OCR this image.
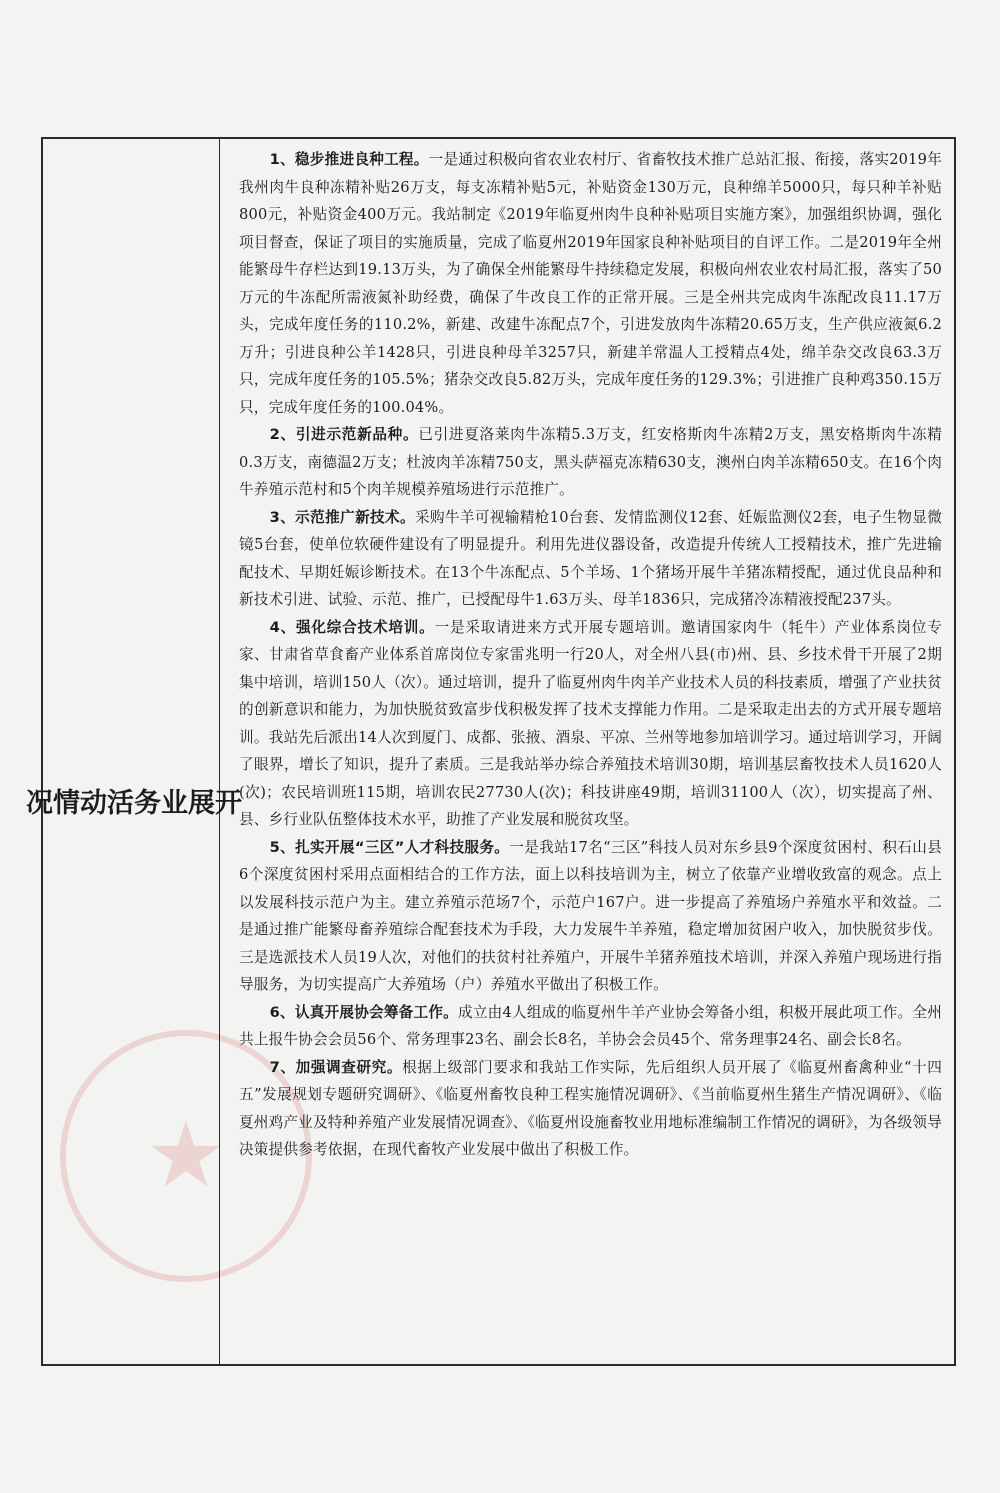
★
开
展
业
务
活
动
情
况

1、稳步推进良种工程。一是通过积极向省农业农村厅、省畜牧技术推广总站汇报、衔接，落实2019年我州肉牛良种冻精补贴26万支，每支冻精补贴5元，补贴资金130万元，良种绵羊5000只，每只种羊补贴800元，补贴资金400万元。我站制定《2019年临夏州肉牛良种补贴项目实施方案》，加强组织协调，强化项目督查，保证了项目的实施质量，完成了临夏州2019年国家良种补贴项目的自评工作。二是2019年全州能繁母牛存栏达到19.13万头，为了确保全州能繁母牛持续稳定发展，积极向州农业农村局汇报，落实了50万元的牛冻配所需液氮补助经费，确保了牛改良工作的正常开展。三是全州共完成肉牛冻配改良11.17万头，完成年度任务的110.2%，新建、改建牛冻配点7个，引进发放肉牛冻精20.65万支，生产供应液氮6.2万升；引进良种公羊1428只，引进良种母羊3257只，新建羊常温人工授精点4处，绵羊杂交改良63.3万只，完成年度任务的105.5%；猪杂交改良5.82万头，完成年度任务的129.3%；引进推广良种鸡350.15万只，完成年度任务的100.04%。

2、引进示范新品种。已引进夏洛莱肉牛冻精5.3万支，红安格斯肉牛冻精2万支，黑安格斯肉牛冻精0.3万支，南德温2万支；杜波肉羊冻精750支，黑头萨福克冻精630支，澳州白肉羊冻精650支。在16个肉牛养殖示范村和5个肉羊规模养殖场进行示范推广。

3、示范推广新技术。采购牛羊可视输精枪10台套、发情监测仪12套、妊娠监测仪2套，电子生物显微镜5台套，使单位软硬件建设有了明显提升。利用先进仪器设备，改造提升传统人工授精技术，推广先进输配技术、早期妊娠诊断技术。在13个牛冻配点、5个羊场、1个猪场开展牛羊猪冻精授配，通过优良品种和新技术引进、试验、示范、推广，已授配母牛1.63万头、母羊1836只，完成猪冷冻精液授配237头。

4、强化综合技术培训。一是采取请进来方式开展专题培训。邀请国家肉牛（牦牛）产业体系岗位专家、甘肃省草食畜产业体系首席岗位专家雷兆明一行20人，对全州八县(市)州、县、乡技术骨干开展了2期集中培训，培训150人（次）。通过培训，提升了临夏州肉牛肉羊产业技术人员的科技素质，增强了产业扶贫的创新意识和能力，为加快脱贫致富步伐积极发挥了技术支撑能力作用。二是采取走出去的方式开展专题培训。我站先后派出14人次到厦门、成都、张掖、酒泉、平凉、兰州等地参加培训学习。通过培训学习，开阔了眼界，增长了知识，提升了素质。三是我站举办综合养殖技术培训30期，培训基层畜牧技术人员1620人(次)；农民培训班115期，培训农民27730人(次)；科技讲座49期，培训31100人（次），切实提高了州、县、乡行业队伍整体技术水平，助推了产业发展和脱贫攻坚。

5、扎实开展“三区”人才科技服务。一是我站17名“三区”科技人员对东乡县9个深度贫困村、积石山县6个深度贫困村采用点面相结合的工作方法，面上以科技培训为主，树立了依靠产业增收致富的观念。点上以发展科技示范户为主。建立养殖示范场7个，示范户167户。进一步提高了养殖场户养殖水平和效益。二是通过推广能繁母畜养殖综合配套技术为手段，大力发展牛羊养殖，稳定增加贫困户收入，加快脱贫步伐。三是选派技术人员19人次，对他们的扶贫村社养殖户，开展牛羊猪养殖技术培训，并深入养殖户现场进行指导服务，为切实提高广大养殖场（户）养殖水平做出了积极工作。

6、认真开展协会筹备工作。成立由4人组成的临夏州牛羊产业协会筹备小组，积极开展此项工作。全州共上报牛协会会员56个、常务理事23名、副会长8名，羊协会会员45个、常务理事24名、副会长8名。

7、加强调查研究。根据上级部门要求和我站工作实际，先后组织人员开展了《临夏州畜禽种业“十四五”发展规划专题研究调研》、《临夏州畜牧良种工程实施情况调研》、《当前临夏州生猪生产情况调研》、《临夏州鸡产业及特种养殖产业发展情况调查》、《临夏州设施畜牧业用地标准编制工作情况的调研》，为各级领导决策提供参考依据，在现代畜牧产业发展中做出了积极工作。
